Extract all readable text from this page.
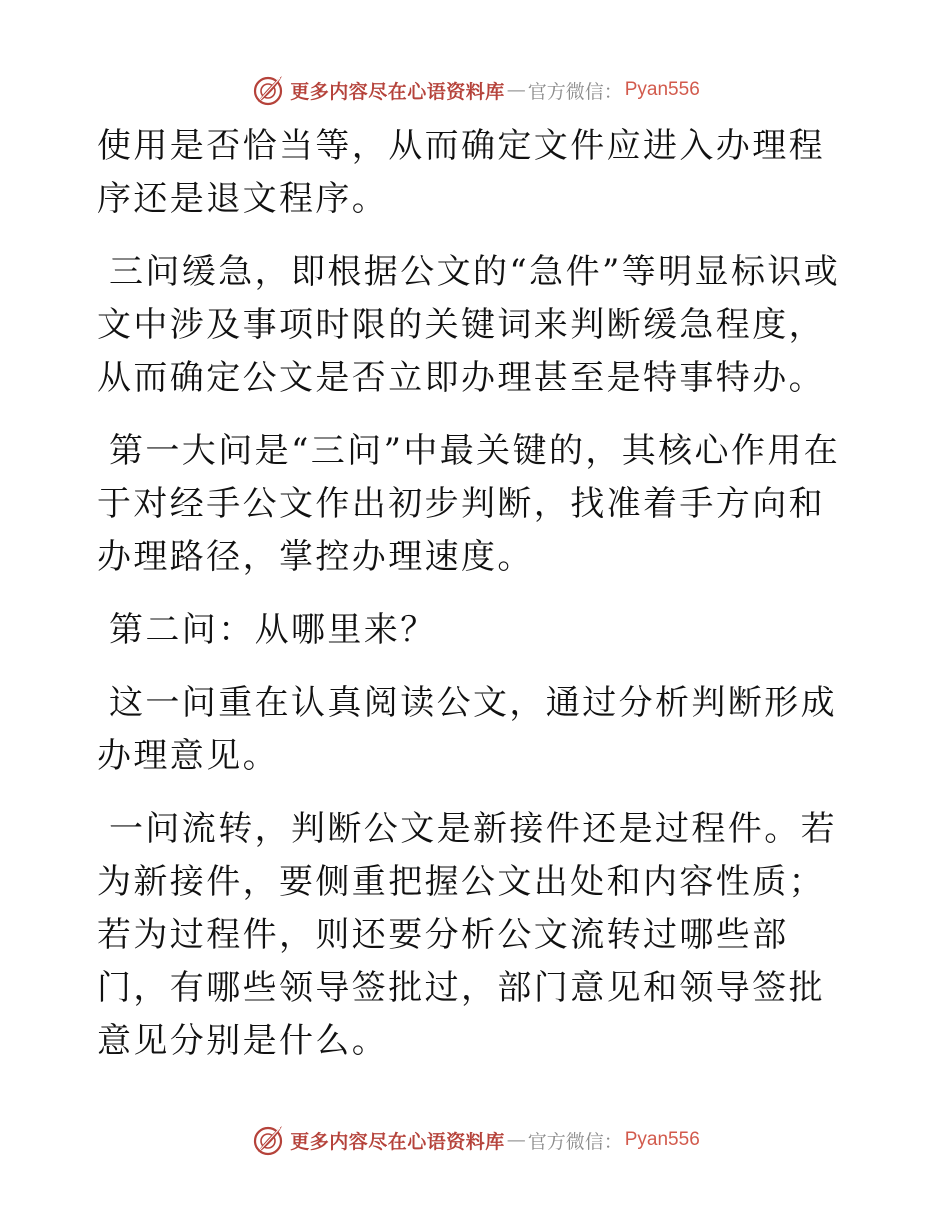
更多内容尽在心语资料库 — 官方微信： Pyan556

使用是否恰当等，从而确定文件应进入办理程序还是退文程序。

三问缓急，即根据公文的“急件”等明显标识或文中涉及事项时限的关键词来判断缓急程度，从而确定公文是否立即办理甚至是特事特办。

第一大问是“三问”中最关键的，其核心作用在于对经手公文作出初步判断，找准着手方向和办理路径，掌控办理速度。

第二问：从哪里来？

这一问重在认真阅读公文，通过分析判断形成办理意见。

一问流转，判断公文是新接件还是过程件。若为新接件，要侧重把握公文出处和内容性质；若为过程件，则还要分析公文流转过哪些部门，有哪些领导签批过，部门意见和领导签批意见分别是什么。

更多内容尽在心语资料库 — 官方微信： Pyan556
